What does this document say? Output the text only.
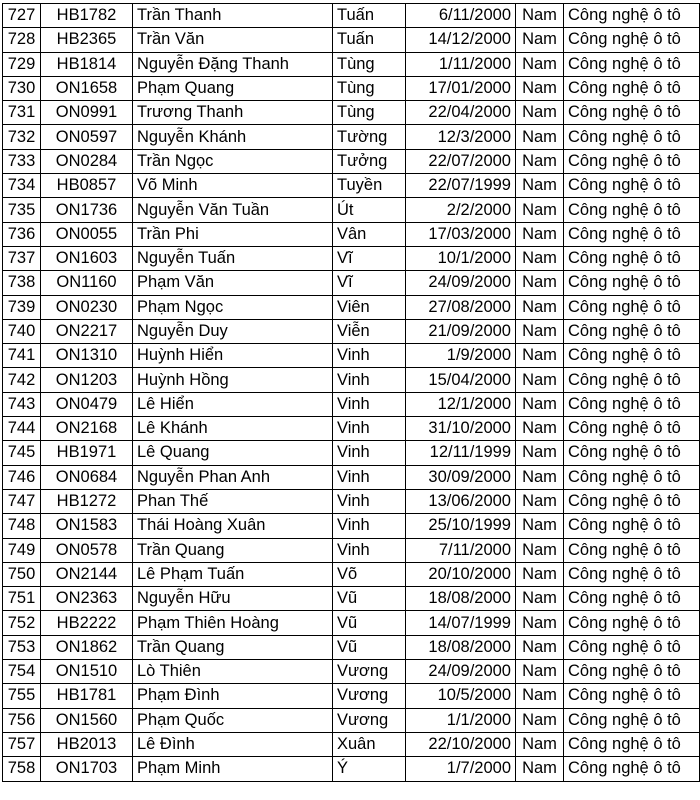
727	HB1782	Trần Thanh	Tuấn	6/11/2000	Nam	Công nghệ ô tô
728	HB2365	Trần Văn	Tuấn	14/12/2000	Nam	Công nghệ ô tô
729	HB1814	Nguyễn Đặng Thanh	Tùng	1/11/2000	Nam	Công nghệ ô tô
730	ON1658	Phạm Quang	Tùng	17/01/2000	Nam	Công nghệ ô tô
731	ON0991	Trương Thanh	Tùng	22/04/2000	Nam	Công nghệ ô tô
732	ON0597	Nguyễn Khánh	Tường	12/3/2000	Nam	Công nghệ ô tô
733	ON0284	Trần Ngọc	Tưởng	22/07/2000	Nam	Công nghệ ô tô
734	HB0857	Võ Minh	Tuyền	22/07/1999	Nam	Công nghệ ô tô
735	ON1736	Nguyễn Văn Tuần	Út	2/2/2000	Nam	Công nghệ ô tô
736	ON0055	Trần Phi	Vân	17/03/2000	Nam	Công nghệ ô tô
737	ON1603	Nguyễn Tuấn	Vĩ	10/1/2000	Nam	Công nghệ ô tô
738	ON1160	Phạm Văn	Vĩ	24/09/2000	Nam	Công nghệ ô tô
739	ON0230	Phạm Ngọc	Viên	27/08/2000	Nam	Công nghệ ô tô
740	ON2217	Nguyễn Duy	Viễn	21/09/2000	Nam	Công nghệ ô tô
741	ON1310	Huỳnh Hiển	Vinh	1/9/2000	Nam	Công nghệ ô tô
742	ON1203	Huỳnh Hồng	Vinh	15/04/2000	Nam	Công nghệ ô tô
743	ON0479	Lê Hiển	Vinh	12/1/2000	Nam	Công nghệ ô tô
744	ON2168	Lê Khánh	Vinh	31/10/2000	Nam	Công nghệ ô tô
745	HB1971	Lê Quang	Vinh	12/11/1999	Nam	Công nghệ ô tô
746	ON0684	Nguyễn Phan Anh	Vinh	30/09/2000	Nam	Công nghệ ô tô
747	HB1272	Phan Thế	Vinh	13/06/2000	Nam	Công nghệ ô tô
748	ON1583	Thái Hoàng Xuân	Vinh	25/10/1999	Nam	Công nghệ ô tô
749	ON0578	Trần Quang	Vinh	7/11/2000	Nam	Công nghệ ô tô
750	ON2144	Lê Phạm Tuấn	Võ	20/10/2000	Nam	Công nghệ ô tô
751	ON2363	Nguyễn Hữu	Vũ	18/08/2000	Nam	Công nghệ ô tô
752	HB2222	Phạm Thiên Hoàng	Vũ	14/07/1999	Nam	Công nghệ ô tô
753	ON1862	Trần Quang	Vũ	18/08/2000	Nam	Công nghệ ô tô
754	ON1510	Lò Thiên	Vương	24/09/2000	Nam	Công nghệ ô tô
755	HB1781	Phạm Đình	Vương	10/5/2000	Nam	Công nghệ ô tô
756	ON1560	Phạm Quốc	Vương	1/1/2000	Nam	Công nghệ ô tô
757	HB2013	Lê Đình	Xuân	22/10/2000	Nam	Công nghệ ô tô
758	ON1703	Phạm Minh	Ý	1/7/2000	Nam	Công nghệ ô tô
